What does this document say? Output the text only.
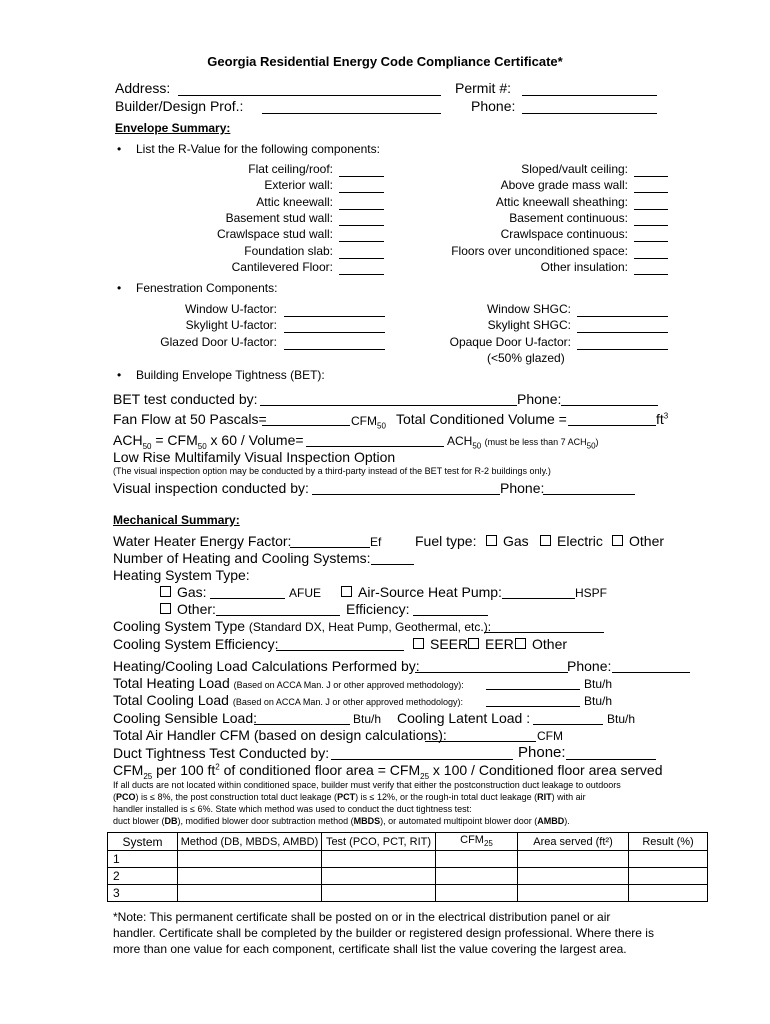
Georgia Residential Energy Code Compliance Certificate*
Address:
Builder/Design Prof.:
Permit #:
Phone:
Envelope Summary:
• List the R-Value for the following components:
Flat ceiling/roof:
Exterior wall:
Attic kneewall:
Basement stud wall:
Crawlspace stud wall:
Foundation slab:
Cantilevered Floor:
Sloped/vault ceiling:
Above grade mass wall:
Attic kneewall sheathing:
Basement continuous:
Crawlspace continuous:
Floors over unconditioned space:
Other insulation:
• Fenestration Components:
Window U-factor:
Skylight U-factor:
Glazed Door U-factor:
Window SHGC:
Skylight SHGC:
Opaque Door U-factor:
(<50% glazed)
• Building Envelope Tightness (BET):
BET test conducted by:	Phone:
Fan Flow at 50 Pascals=	$CFM_{50}$ Total Conditioned Volume =	$ft^3$
$ACH_{50} = CFM_{50}$ x 60 / Volume=	$ACH_{50}$ (must be less than 7 $ACH_{50}$)
Low Rise Multifamily Visual Inspection Option
(The visual inspection option may be conducted by a third-party instead of the BET test for R-2 buildings only.)
Visual inspection conducted by:	Phone:
Mechanical Summary:
Water Heater Energy Factor:	Ef Fuel type: Gas Electric Other
Number of Heating and Cooling Systems:
Heating System Type:
Gas:	AFUE	Air-Source Heat Pump:	HSPF
Other:	Efficiency:
Cooling System Type (Standard DX, Heat Pump, Geothermal, etc.):
Cooling System Efficiency:	SEER EER Other
Heating/Cooling Load Calculations Performed by:	Phone:
Total Heating Load (Based on ACCA Man. J or other approved methodology):	Btu/h
Total Cooling Load (Based on ACCA Man. J or other approved methodology):	Btu/h
Cooling Sensible Load:	Btu/h Cooling Latent Load :	Btu/h
Total Air Handler CFM (based on design calculations):	CFM
Duct Tightness Test Conducted by:	Phone:
$CFM_{25}$ per 100 $ft^2$ of conditioned floor area = $CFM_{25}$ x 100 / Conditioned floor area served
If all ducts are not located within conditioned space, builder must verify that either the postconstruction duct leakage to outdoors
(PCO) is ≤ 8%, the post construction total duct leakage (PCT) is ≤ 12%, or the rough-in total duct leakage (RIT) with air
handler installed is ≤ 6%. State which method was used to conduct the duct tightness test:
duct blower (DB), modified blower door subtraction method (MBDS), or automated multipoint blower door (AMBD).
System	Method (DB, MBDS, AMBD)	Test (PCO, PCT, RIT)	$CFM_{25}$	Area served (ft²)	Result (%)
1					
2					
3					
*Note: This permanent certificate shall be posted on or in the electrical distribution panel or air
handler. Certificate shall be completed by the builder or registered design professional. Where there is
more than one value for each component, certificate shall list the value covering the largest area.
